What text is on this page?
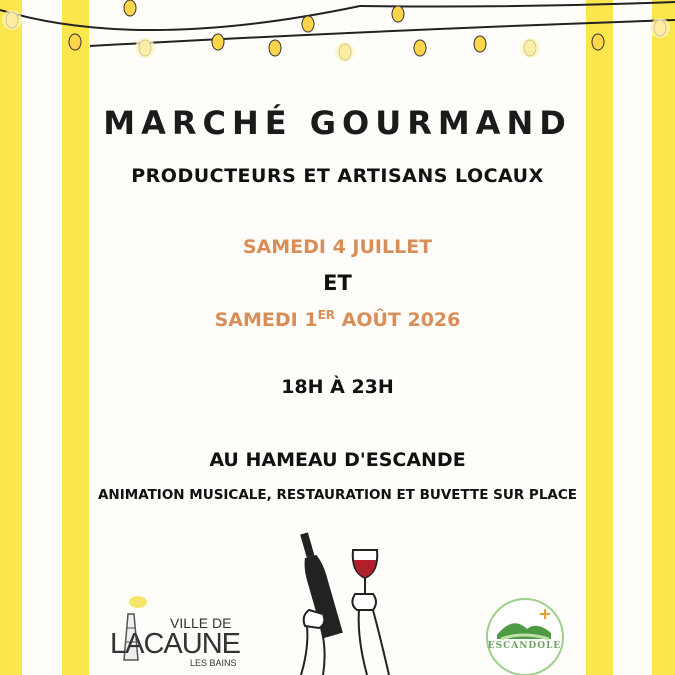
MARCHÉ GOURMAND
PRODUCTEURS ET ARTISANS LOCAUX
SAMEDI 4 JUILLET
ET
SAMEDI 1ER AOÛT 2026
18H À 23H
AU HAMEAU D'ESCANDE
ANIMATION MUSICALE, RESTAURATION ET BUVETTE SUR PLACE
VILLE DE
LACAUNE
LES BAINS
ESCANDOLE
